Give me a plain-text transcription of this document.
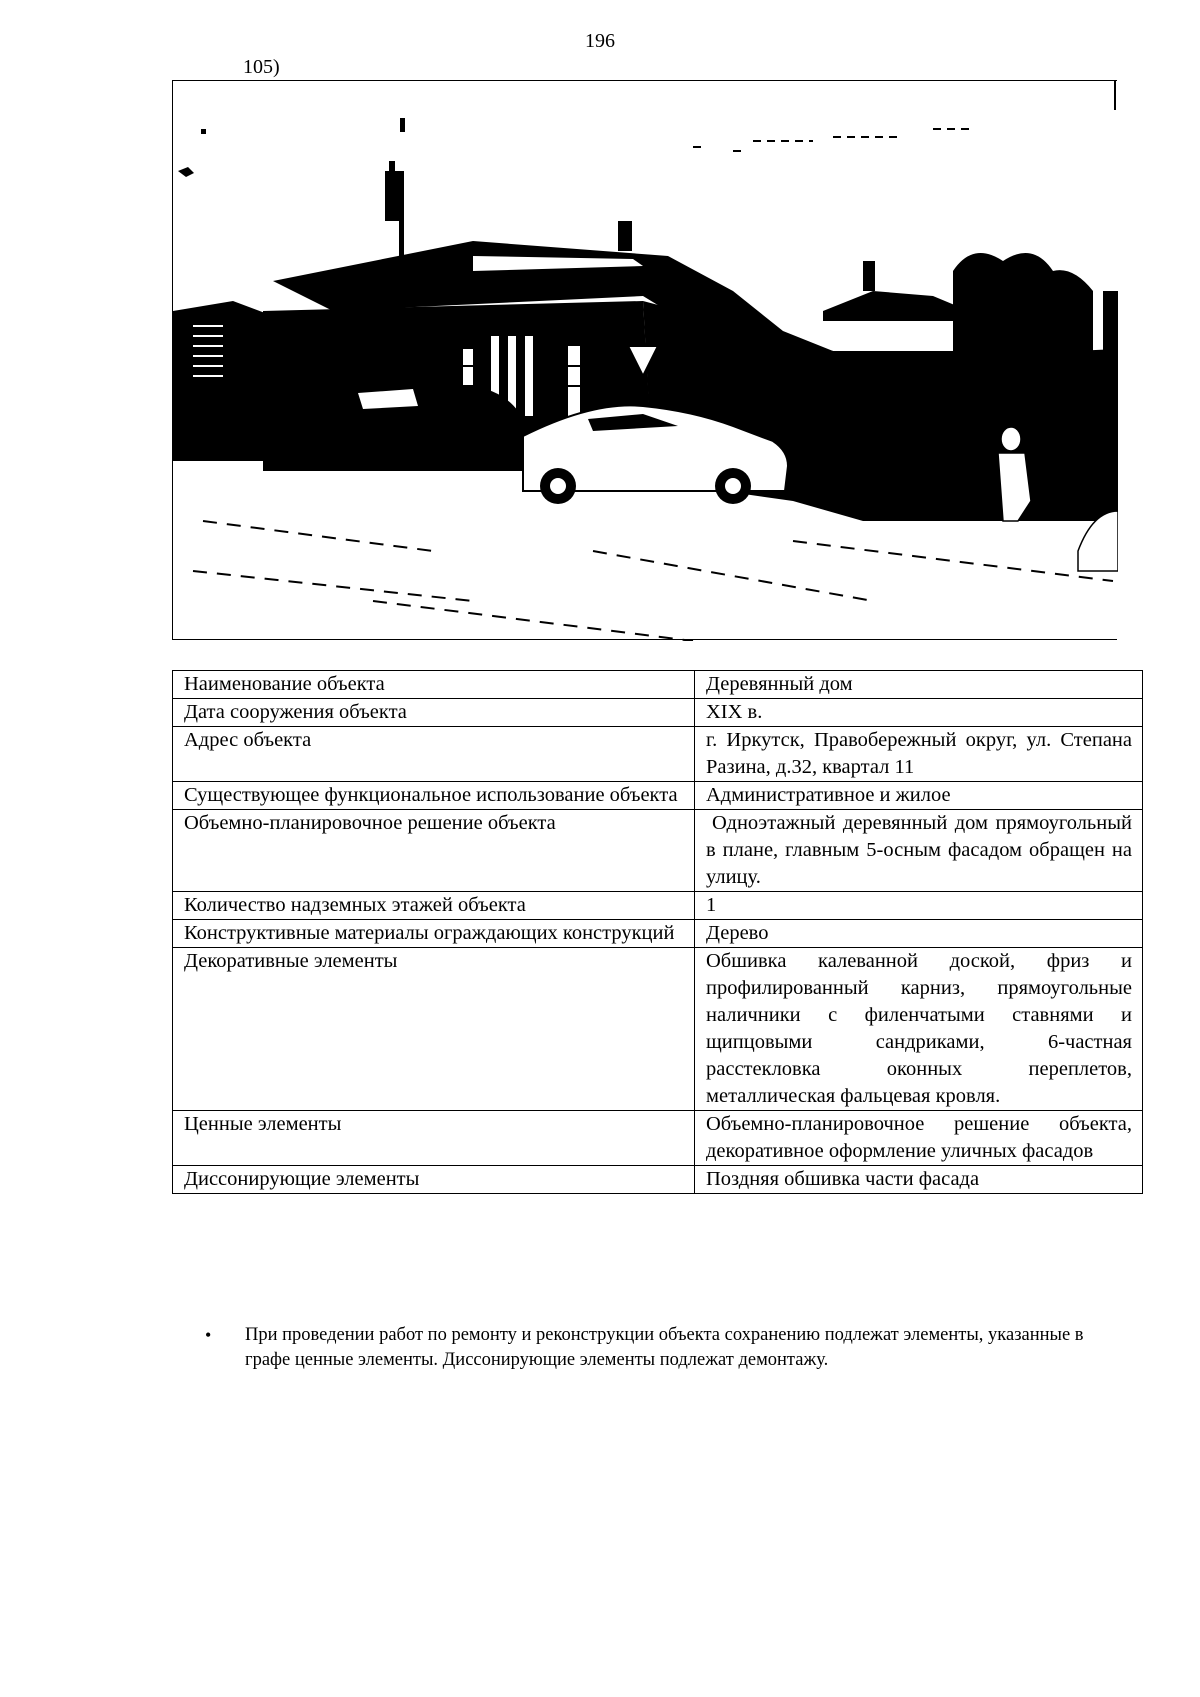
196
105)
Наименование объекта	Деревянный дом
Дата сооружения объекта	XIX в.
Адрес объекта	г. Иркутск, Правобережный округ, ул. Степана Разина, д.32, квартал 11
Существующее функциональное использование объекта	Административное и жилое
Объемно-планировочное решение объекта	Одноэтажный деревянный дом прямоугольный в плане, главным 5-осным фасадом обращен на улицу.
Количество надземных этажей объекта	1
Конструктивные материалы ограждающих конструкций	Дерево
Декоративные элементы	Обшивка калеванной доской, фриз и профилированный карниз, прямоугольные наличники с филенчатыми ставнями и щипцовыми сандриками, 6-частная расстекловка оконных переплетов, металлическая фальцевая кровля.
Ценные элементы	Объемно-планировочное решение объекта, декоративное оформление уличных фасадов
Диссонирующие элементы	Поздняя обшивка части фасада
• При проведении работ по ремонту и реконструкции объекта сохранению подлежат элементы, указанные в графе ценные элементы. Диссонирующие элементы подлежат демонтажу.
